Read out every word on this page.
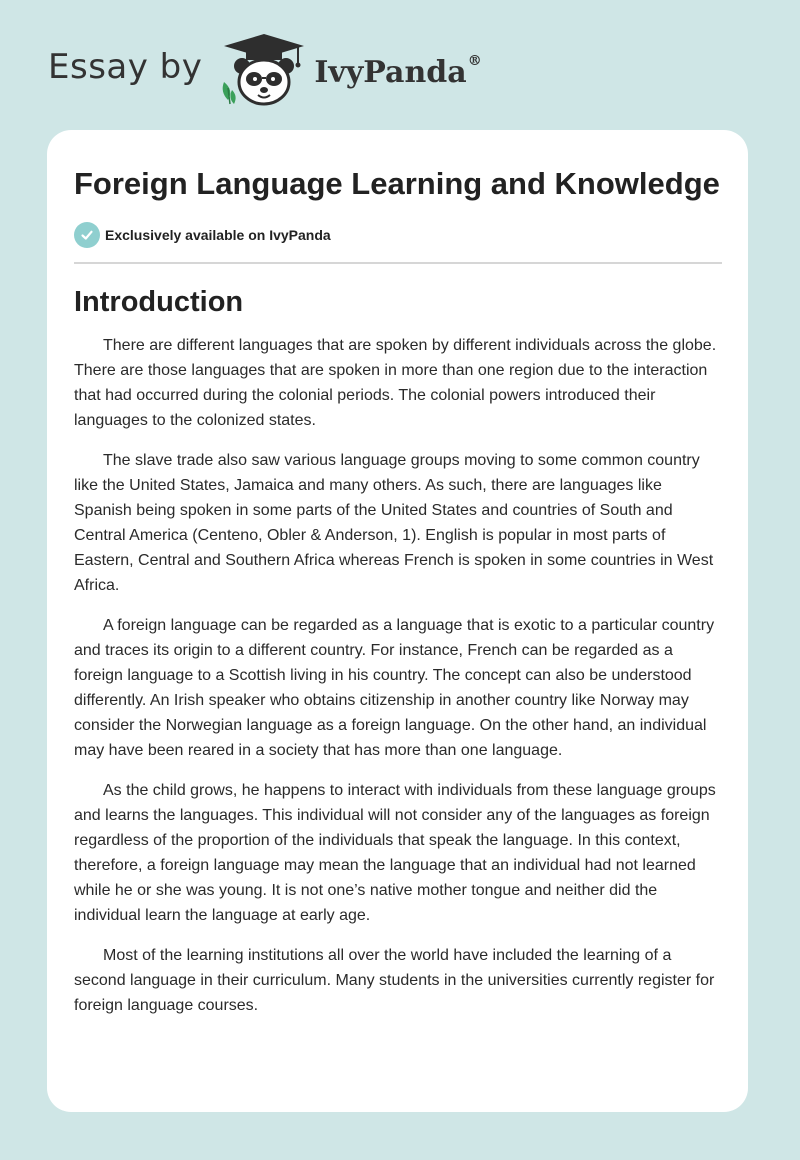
Essay by	IvyPanda®
Foreign Language Learning and Knowledge
Exclusively available on IvyPanda
Introduction

There are different languages that are spoken by different individuals across the globe. There are those languages that are spoken in more than one region due to the interaction that had occurred during the colonial periods. The colonial powers introduced their languages to the colonized states.

The slave trade also saw various language groups moving to some common country like the United States, Jamaica and many others. As such, there are languages like Spanish being spoken in some parts of the United States and countries of South and Central America (Centeno, Obler & Anderson, 1). English is popular in most parts of Eastern, Central and Southern Africa whereas French is spoken in some countries in West Africa.

A foreign language can be regarded as a language that is exotic to a particular country and traces its origin to a different country. For instance, French can be regarded as a foreign language to a Scottish living in his country. The concept can also be understood differently. An Irish speaker who obtains citizenship in another country like Norway may consider the Norwegian language as a foreign language. On the other hand, an individual may have been reared in a society that has more than one language.

As the child grows, he happens to interact with individuals from these language groups and learns the languages. This individual will not consider any of the languages as foreign regardless of the proportion of the individuals that speak the language. In this context, therefore, a foreign language may mean the language that an individual had not learned while he or she was young. It is not one’s native mother tongue and neither did the individual learn the language at early age.

Most of the learning institutions all over the world have included the learning of a second language in their curriculum. Many students in the universities currently register for foreign language courses.
